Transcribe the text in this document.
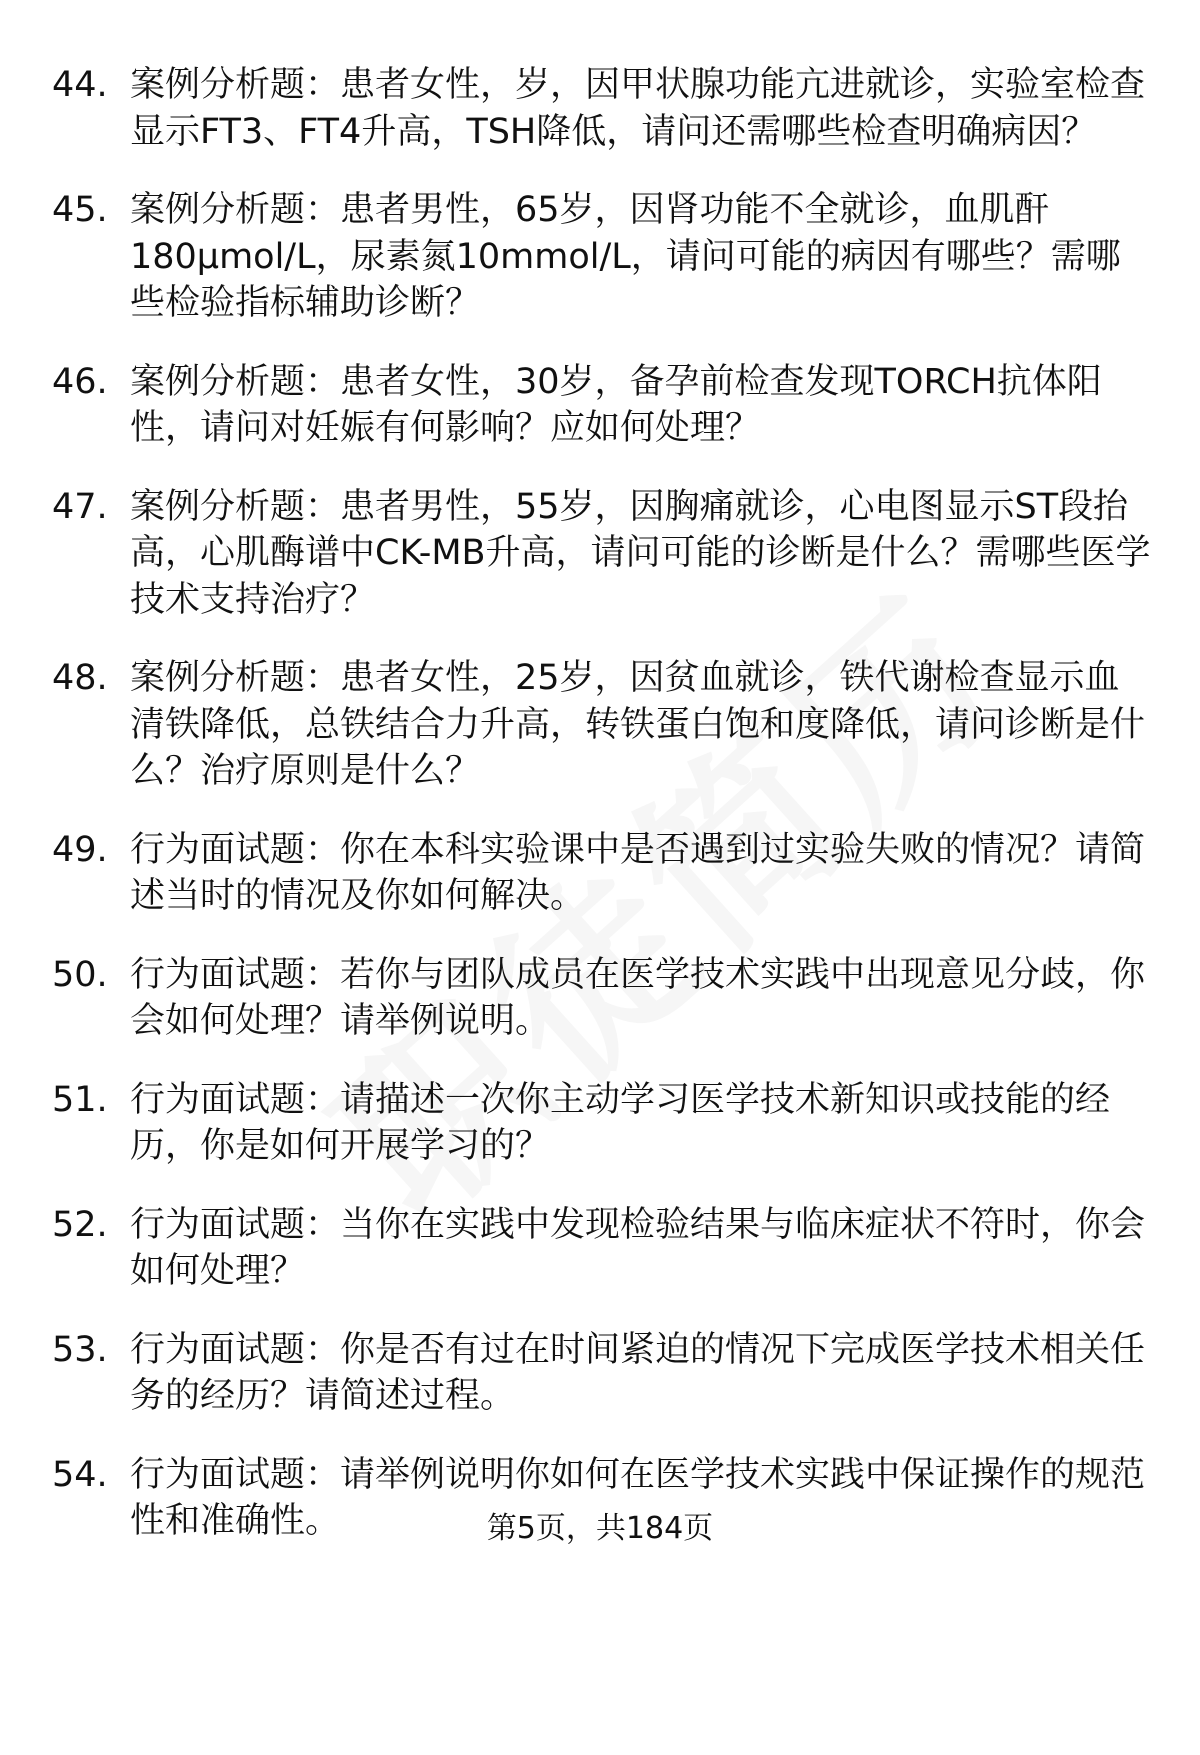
44. 案例分析题：患者女性，岁，因甲状腺功能亢进就诊，实验室检查显示FT3、FT4升高，TSH降低，请问还需哪些检查明确病因？
45. 案例分析题：患者男性，65岁，因肾功能不全就诊，血肌酐180μmol/L，尿素氮10mmol/L，请问可能的病因有哪些？需哪些检验指标辅助诊断？
46. 案例分析题：患者女性，30岁，备孕前检查发现TORCH抗体阳性，请问对妊娠有何影响？应如何处理？
47. 案例分析题：患者男性，55岁，因胸痛就诊，心电图显示ST段抬高，心肌酶谱中CK-MB升高，请问可能的诊断是什么？需哪些医学技术支持治疗？
48. 案例分析题：患者女性，25岁，因贫血就诊，铁代谢检查显示血清铁降低，总铁结合力升高，转铁蛋白饱和度降低，请问诊断是什么？治疗原则是什么？
49. 行为面试题：你在本科实验课中是否遇到过实验失败的情况？请简述当时的情况及你如何解决。
50. 行为面试题：若你与团队成员在医学技术实践中出现意见分歧，你会如何处理？请举例说明。
51. 行为面试题：请描述一次你主动学习医学技术新知识或技能的经历，你是如何开展学习的？
52. 行为面试题：当你在实践中发现检验结果与临床症状不符时，你会如何处理？
53. 行为面试题：你是否有过在时间紧迫的情况下完成医学技术相关任务的经历？请简述过程。
54. 行为面试题：请举例说明你如何在医学技术实践中保证操作的规范性和准确性。	第5页，共184页
